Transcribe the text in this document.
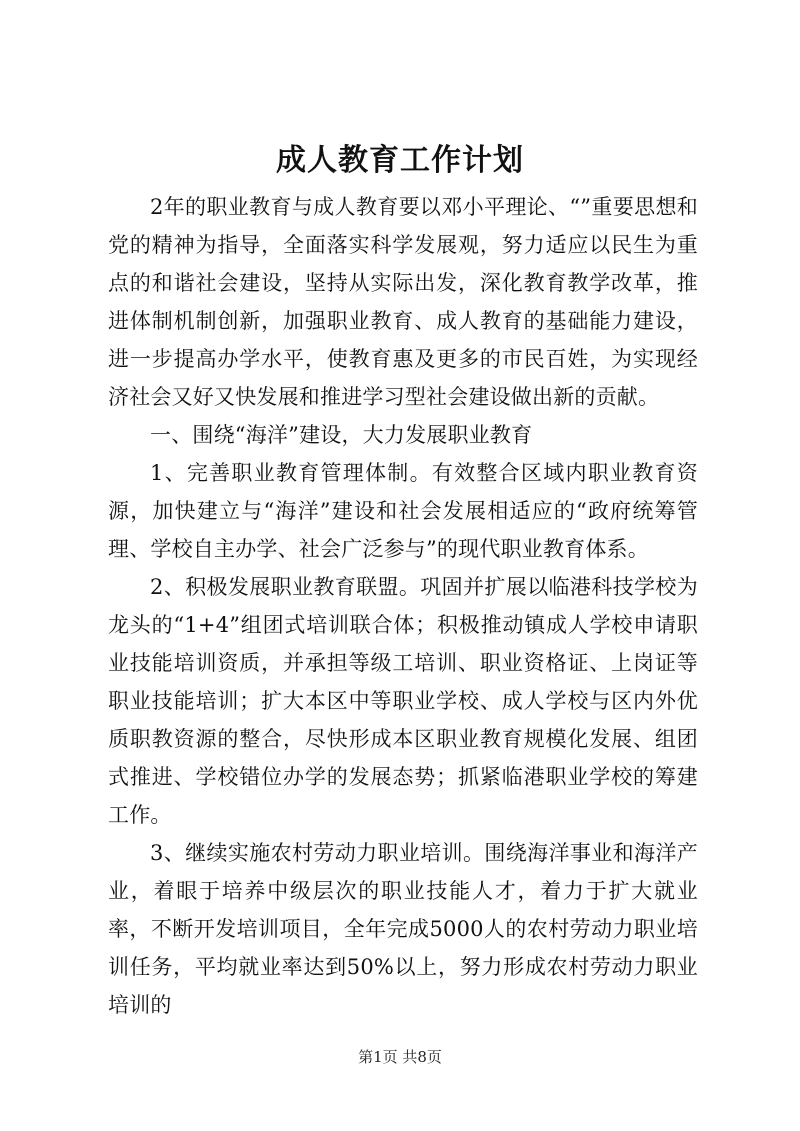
成人教育工作计划

2年的职业教育与成人教育要以邓小平理论、“”重要思想和党的精神为指导，全面落实科学发展观，努力适应以民生为重点的和谐社会建设，坚持从实际出发，深化教育教学改革，推进体制机制创新，加强职业教育、成人教育的基础能力建设，进一步提高办学水平，使教育惠及更多的市民百姓，为实现经济社会又好又快发展和推进学习型社会建设做出新的贡献。

一、围绕“海洋”建设，大力发展职业教育

1、完善职业教育管理体制。有效整合区域内职业教育资源，加快建立与“海洋”建设和社会发展相适应的“政府统筹管理、学校自主办学、社会广泛参与”的现代职业教育体系。

2、积极发展职业教育联盟。巩固并扩展以临港科技学校为龙头的“1+4”组团式培训联合体；积极推动镇成人学校申请职业技能培训资质，并承担等级工培训、职业资格证、上岗证等职业技能培训；扩大本区中等职业学校、成人学校与区内外优质职教资源的整合，尽快形成本区职业教育规模化发展、组团式推进、学校错位办学的发展态势；抓紧临港职业学校的筹建工作。

3、继续实施农村劳动力职业培训。围绕海洋事业和海洋产业，着眼于培养中级层次的职业技能人才，着力于扩大就业率，不断开发培训项目，全年完成5000人的农村劳动力职业培训任务，平均就业率达到50%以上，努力形成农村劳动力职业培训的

第1页 共8页
